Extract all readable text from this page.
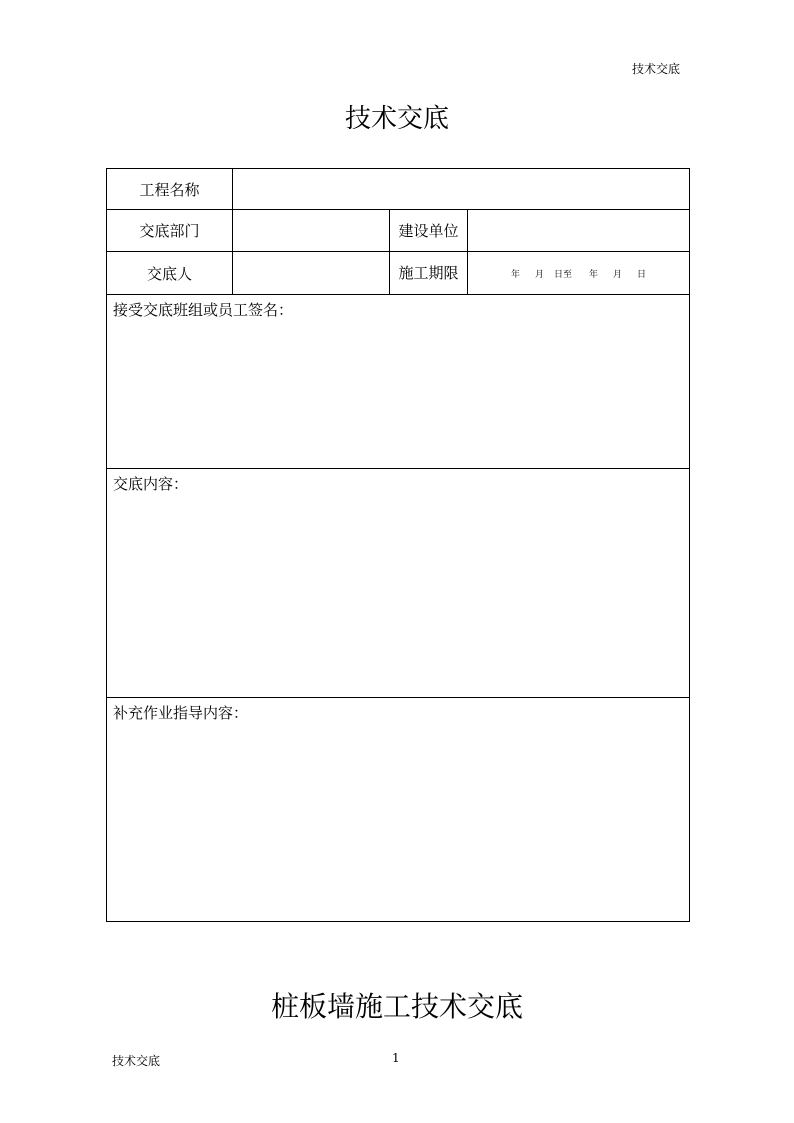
技术交底
技术交底
工程名称			
交底部门		建设单位	
交底人		施工期限	年 月 日至 年 月 日

接受交底班组或员工签名：			

交底内容：			

补充作业指导内容：			
桩板墙施工技术交底
技术交底	1
